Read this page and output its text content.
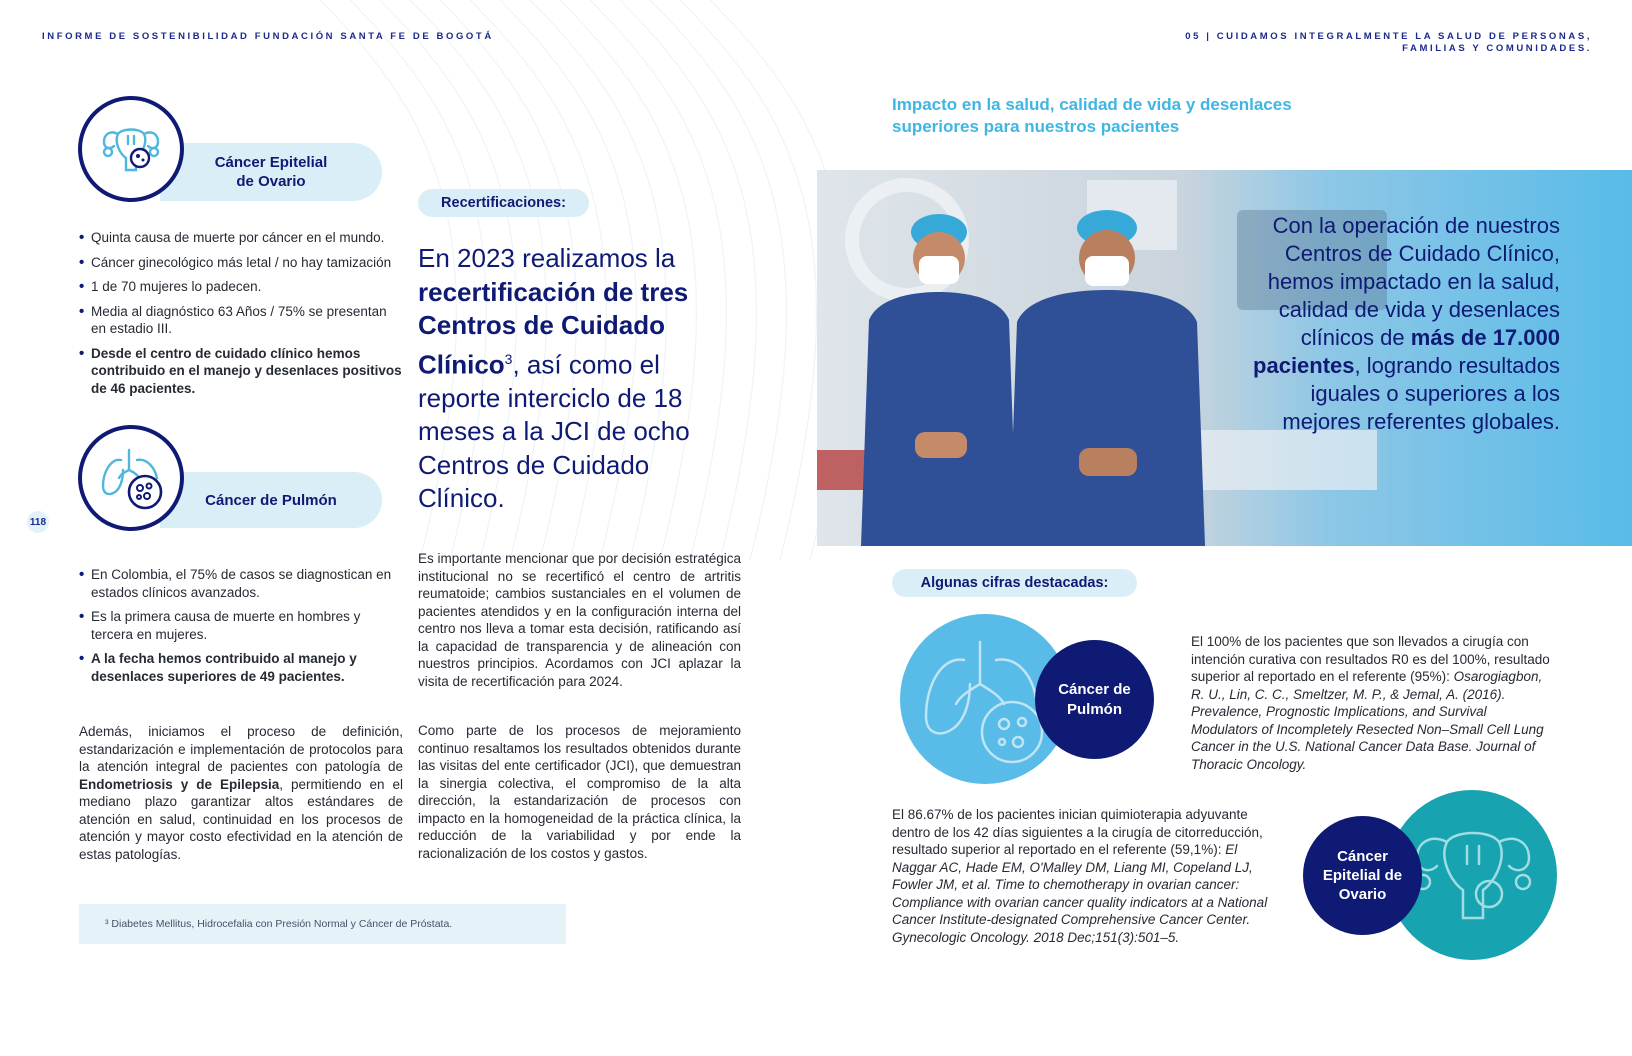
INFORME DE SOSTENIBILIDAD FUNDACIÓN SANTA FE DE BOGOTÁ	05 | CUIDAMOS INTEGRALMENTE LA SALUD DE PERSONAS,
FAMILIAS Y COMUNIDADES.
118
Cáncer Epitelial
de Ovario
• Quinta causa de muerte por cáncer en el mundo.
• Cáncer ginecológico más letal / no hay tamización
• 1 de 70 mujeres lo padecen.
• Media al diagnóstico 63 Años / 75% se presentan en estadio III.
• Desde el centro de cuidado clínico hemos contribuido en el manejo y desenlaces positivos de 46 pacientes.
Cáncer de Pulmón
• En Colombia, el 75% de casos se diagnostican en estados clínicos avanzados.
• Es la primera causa de muerte en hombres y tercera en mujeres.
• A la fecha hemos contribuido al manejo y desenlaces superiores de 49 pacientes.

Además, iniciamos el proceso de definición, estandarización e implementación de protocolos para la atención integral de pacientes con patología de Endometriosis y de Epilepsia, permitiendo en el mediano plazo garantizar altos estándares de atención en salud, continuidad en los procesos de atención y mayor costo efectividad en la atención de estas patologías.

³ Diabetes Mellitus, Hidrocefalia con Presión Normal y Cáncer de Próstata.
Recertificaciones:

En 2023 realizamos la recertificación de tres Centros de Cuidado Clínico$^3$, así como el reporte interciclo de 18 meses a la JCI de ocho Centros de Cuidado Clínico.

Es importante mencionar que por decisión estratégica institucional no se recertificó el centro de artritis reumatoide; cambios sustanciales en el volumen de pacientes atendidos y en la configuración interna del centro nos lleva a tomar esta decisión, ratificando así la capacidad de transparencia y de alineación con nuestros principios. Acordamos con JCI aplazar la visita de recertificación para 2024.

Como parte de los procesos de mejoramiento continuo resaltamos los resultados obtenidos durante las visitas del ente certificador (JCI), que demuestran la sinergia colectiva, el compromiso de la alta dirección, la estandarización de procesos con impacto en la homogeneidad de la práctica clínica, la reducción de la variabilidad y por ende la racionalización de los costos y gastos.

Impacto en la salud, calidad de vida y desenlaces
superiores para nuestros pacientes

Con la operación de nuestros Centros de Cuidado Clínico, hemos impactado en la salud, calidad de vida y desenlaces clínicos de más de 17.000 pacientes, logrando resultados iguales o superiores a los mejores referentes globales.

Algunas cifras destacadas:
Cáncer de
Pulmón

El 100% de los pacientes que son llevados a cirugía con intención curativa con resultados R0 es del 100%, resultado superior al reportado en el referente (95%): Osarogiagbon, R. U., Lin, C. C., Smeltzer, M. P., & Jemal, A. (2016). Prevalence, Prognostic Implications, and Survival Modulators of Incompletely Resected Non–Small Cell Lung Cancer in the U.S. National Cancer Data Base. Journal of Thoracic Oncology.

El 86.67% de los pacientes inician quimioterapia adyuvante dentro de los 42 días siguientes a la cirugía de citorreducción, resultado superior al reportado en el referente (59,1%): El Naggar AC, Hade EM, O'Malley DM, Liang MI, Copeland LJ, Fowler JM, et al. Time to chemotherapy in ovarian cancer: Compliance with ovarian cancer quality indicators at a National Cancer Institute-designated Comprehensive Cancer Center. Gynecologic Oncology. 2018 Dec;151(3):501–5.

Cáncer
Epitelial de
Ovario
